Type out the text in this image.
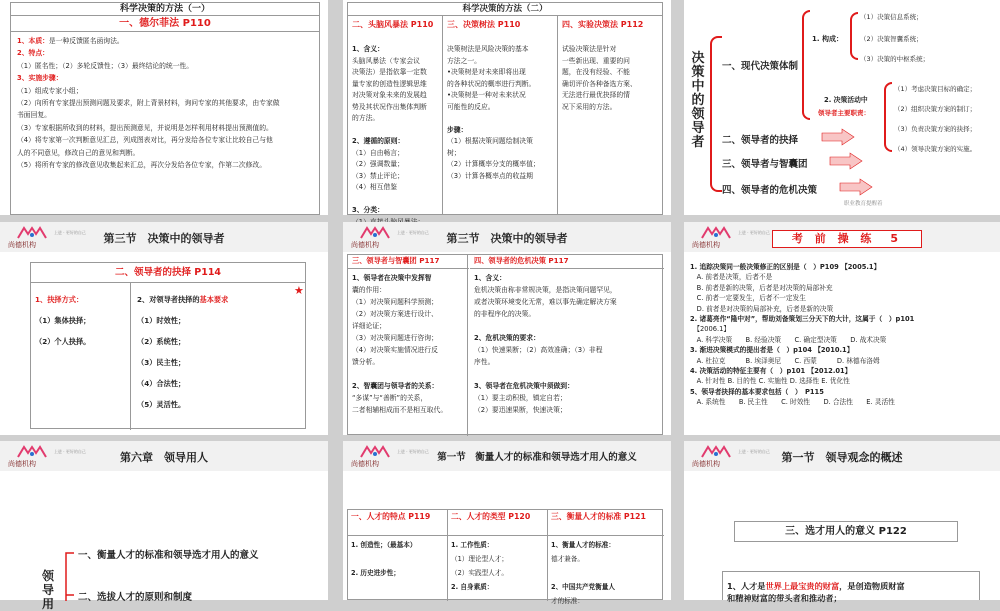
科学决策的方法（一）
一、德尔菲法 P110
1、本质：是一种反馈匿名函询法。
2、特点：
（1）匿名性；（2）多轮反馈性；（3）最终结论的统一性。
3、实施步骤：
（1）组成专家小组；
（2）向所有专家提出预测问题及要求，附上背景材料，询问专家的其他要求，由专家做
书面回复。
（3）专家根据所收到的材料，提出预测意见，并说明是怎样利用材料提出预测值的。
（4）将专家第一次判断意见汇总，列成图表对比，再分发给各位专家让比较自己与他
人的不同意见，修改自己的意见和判断。
（5）将所有专家的修改意见收集起来汇总，再次分发给各位专家，作第二次修改。
科学决策的方法（二）
二、头脑风暴法 P110
1、含义：
头脑风暴法（专家会议
决策法）是指依靠一定数
量专家的创造性逻辑思维
对决策对象未来的发展趋
势及其状况作出集体判断
的方法。

2、遵循的原则：
（1）自由畅言；
（2）强调数量；
（3）禁止评论；
（4）相互借鉴

3、分类：
三、决策树法 P110
决策树法是风险决策的基本
方法之一。
•决策树是对未来即将出现
的各种状况的概率进行判断。
•决策树是一种对未来状况
可能性的反应。

步骤：
（1）根据决策问题绘制决策
树；
（2）计算概率分支的概率值；
（3）计算各概率点的收益期
四、实验决策法 P112
试验决策法是针对
一些新出现、重要的问
题，在没有经验、不能
确切评价各种备选方案、
无法进行最优抉择的情
况下采用的方法。
决策中的领导者
一、现代决策体制
二、领导者的抉择
三、领导者与智囊团
四、领导者的危机决策
1. 构成：
（1）决策信息系统；
（2）决策智囊系统；
（3）决策的中枢系统；
2. 决策活动中
领导者主要职责：
（1）考虑决策目标的确定；
（2）组织决策方案的制订；
（3）负责决策方案的抉择；
（4）领导决策方案的实施。
职业教育提醒着
尚德机构
上进 · 更好的自己	第三节　决策中的领导者
二、领导者的抉择 P114
1、抉择方式：
（1）集体抉择；
（2）个人抉择。
2、对领导者抉择的基本要求
（1）时效性；
（2）系统性；
（3）民主性；
（4）合法性；
（5）灵活性。
★
尚德机构
上进 · 更好的自己	第三节　决策中的领导者
三、领导者与智囊团 P117
1、领导者在决策中发挥智
囊的作用：
（1）对决策问题科学预测；
（2）对决策方案进行设计、
详细论证；
（3）对决策问题进行咨询；
（4）对决策实施情况进行反
馈分析。

2、智囊团与领导者的关系：
“多谋”与“善断”的关系，
二者相辅相成而不是相互取代。
四、领导者的危机决策 P117
1、含义：
危机决策由称非常规决策，是指决策问题罕见，
或者决策环境变化无常，难以事先确定解决方案
的非程序化的决策。

2、危机决策的要求：
（1）快速果断；（2）高效准确；（3）非程
序性。

3、领导者在危机决策中须做到：
（1）要主动积极，镇定自若；
（2）要迅速果断，快速决策；
尚德机构
上进 · 更好的自己	考 前 操 练　5
1. 追踪决策同一般决策修正的区别是（　）P109 【2005.1】
　A. 前者是决策，后者不是
　B. 前者是新的决策，后者是对决策的局部补充
　C. 前者一定要发生，后者不一定发生
　D. 前者是对决策的局部补充，后者是新的决策
2. 诸葛亮作“隆中对”，帮助刘备策划三分天下的大计，这属于（　）p101
　【2006.1】
　A. 科学决策　　B. 经验决策　　C. 确定型决策　　D. 战术决策
3. 渐进决策模式的提出者是（　）p104 【2010.1】
　A. 杜拉克　　　B. 埃泽奥尼　　C. 西蒙　　　D. 林德布洛姆
4. 决策活动的特征主要有（　）p101 【2012.01】
　A. 针对性 B. 目的性 C. 实施性 D. 选择性 E. 优化性
5、领导者抉择的基本要求包括（　）　P115
　A. 系统性　　B. 民主性　　C. 时效性　　D. 合法性　　E. 灵活性
尚德机构
上进 · 更好的自己	第六章　领导用人
领导用
一、衡量人才的标准和领导选才用人的意义
二、选拔人才的原则和制度
尚德机构
上进 · 更好的自己
第一节　衡量人才的标准和领导选才用人的意义
一、人才的特点 P119
1. 创造性；（最基本）

2. 历史进步性；
二、人才的类型 P120
1. 工作性质：
（1）理论型人才；
（2）实践型人才。
2. 自身素质：
三、衡量人才的标准 P121
1、衡量人才的标准：
德才兼备。

2、中国共产党衡量人
才的标准：
尚德机构
上进 · 更好的自己	第一节　领导观念的概述
三、选才用人的意义 P122
1、人才是世界上最宝贵的财富，是创造物质财富
和精神财富的带头者和推动者；
